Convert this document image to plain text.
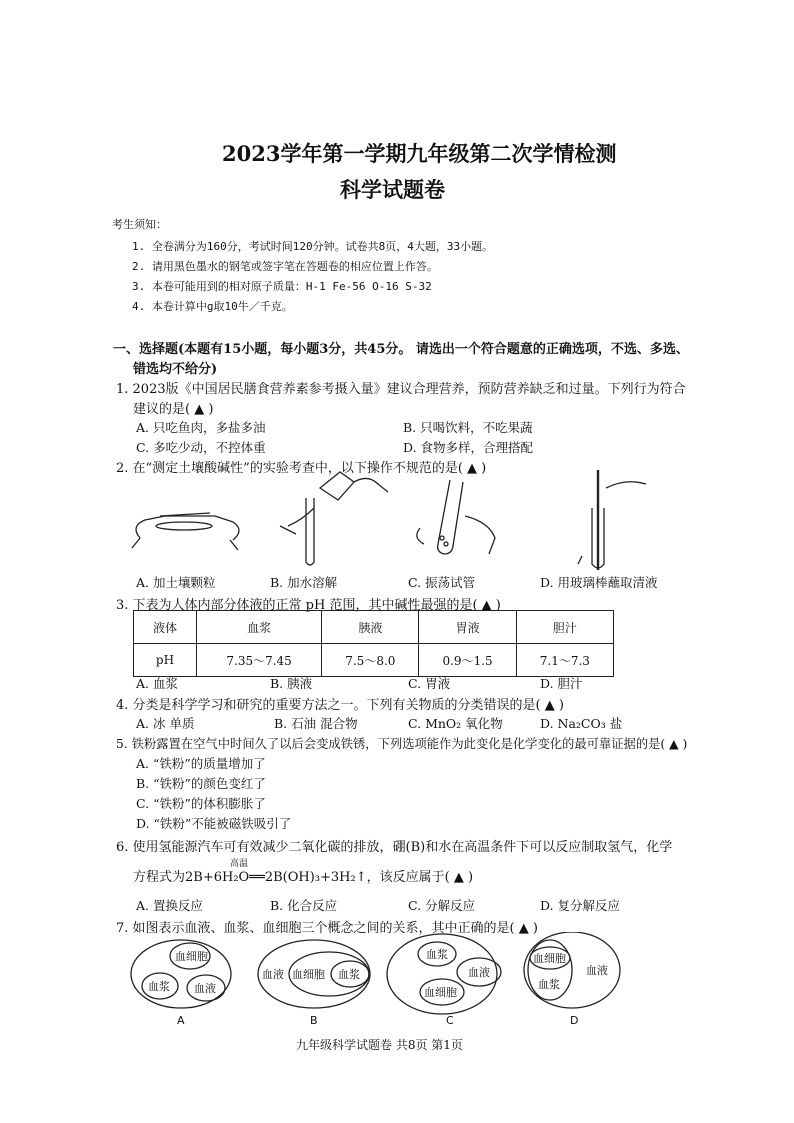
2023学年第一学期九年级第二次学情检测
科学试题卷
考生须知：
1. 全卷满分为160分，考试时间120分钟。试卷共8页，4大题，33小题。
2. 请用黑色墨水的钢笔或签字笔在答题卷的相应位置上作答。
3. 本卷可能用到的相对原子质量：H-1 Fe-56 O-16 S-32
4. 本卷计算中g取10牛／千克。
一、选择题(本题有15小题，每小题3分，共45分。 请选出一个符合题意的正确选项，不选、多选、
错选均不给分)
1. 2023版《中国居民膳食营养素参考摄入量》建议合理营养，预防营养缺乏和过量。下列行为符合
建议的是( ▲ )
A. 只吃鱼肉，多盐多油	B. 只喝饮料，不吃果蔬
C. 多吃少动，不控体重	D. 食物多样，合理搭配
2. 在“测定土壤酸碱性”的实验考查中，以下操作不规范的是( ▲ )
A. 加土壤颗粒	B. 加水溶解	C. 振荡试管	D. 用玻璃棒蘸取清液
3. 下表为人体内部分体液的正常 pH 范围，其中碱性最强的是( ▲ )
液体	血浆	胰液	胃液	胆汁
pH	7.35～7.45	7.5～8.0	0.9～1.5	7.1～7.3
A. 血浆	B. 胰液	C. 胃液	D. 胆汁
4. 分类是科学学习和研究的重要方法之一。下列有关物质的分类错误的是( ▲ )
A. 冰 单质	B. 石油 混合物	C. MnO₂ 氧化物	D. Na₂CO₃ 盐
5. 铁粉露置在空气中时间久了以后会变成铁锈，下列选项能作为此变化是化学变化的最可靠证据的是( ▲ )
A. “铁粉”的质量增加了
B. “铁粉”的颜色变红了
C. “铁粉”的体积膨胀了
D. “铁粉”不能被磁铁吸引了
6. 使用氢能源汽车可有效减少二氧化碳的排放，硼(B)和水在高温条件下可以反应制取氢气，化学
高温
方程式为2B+6H₂O══2B(OH)₃+3H₂↑，该反应属于( ▲ )
A. 置换反应	B. 化合反应	C. 分解反应	D. 复分解反应
7. 如图表示血液、血浆、血细胞三个概念之间的关系，其中正确的是( ▲ )
血细胞
血浆 血液
A
血液 血细胞 血浆
B
血浆
血液
血细胞
C
血细胞
血液
血浆
D
九年级科学试题卷 共8页 第1页
